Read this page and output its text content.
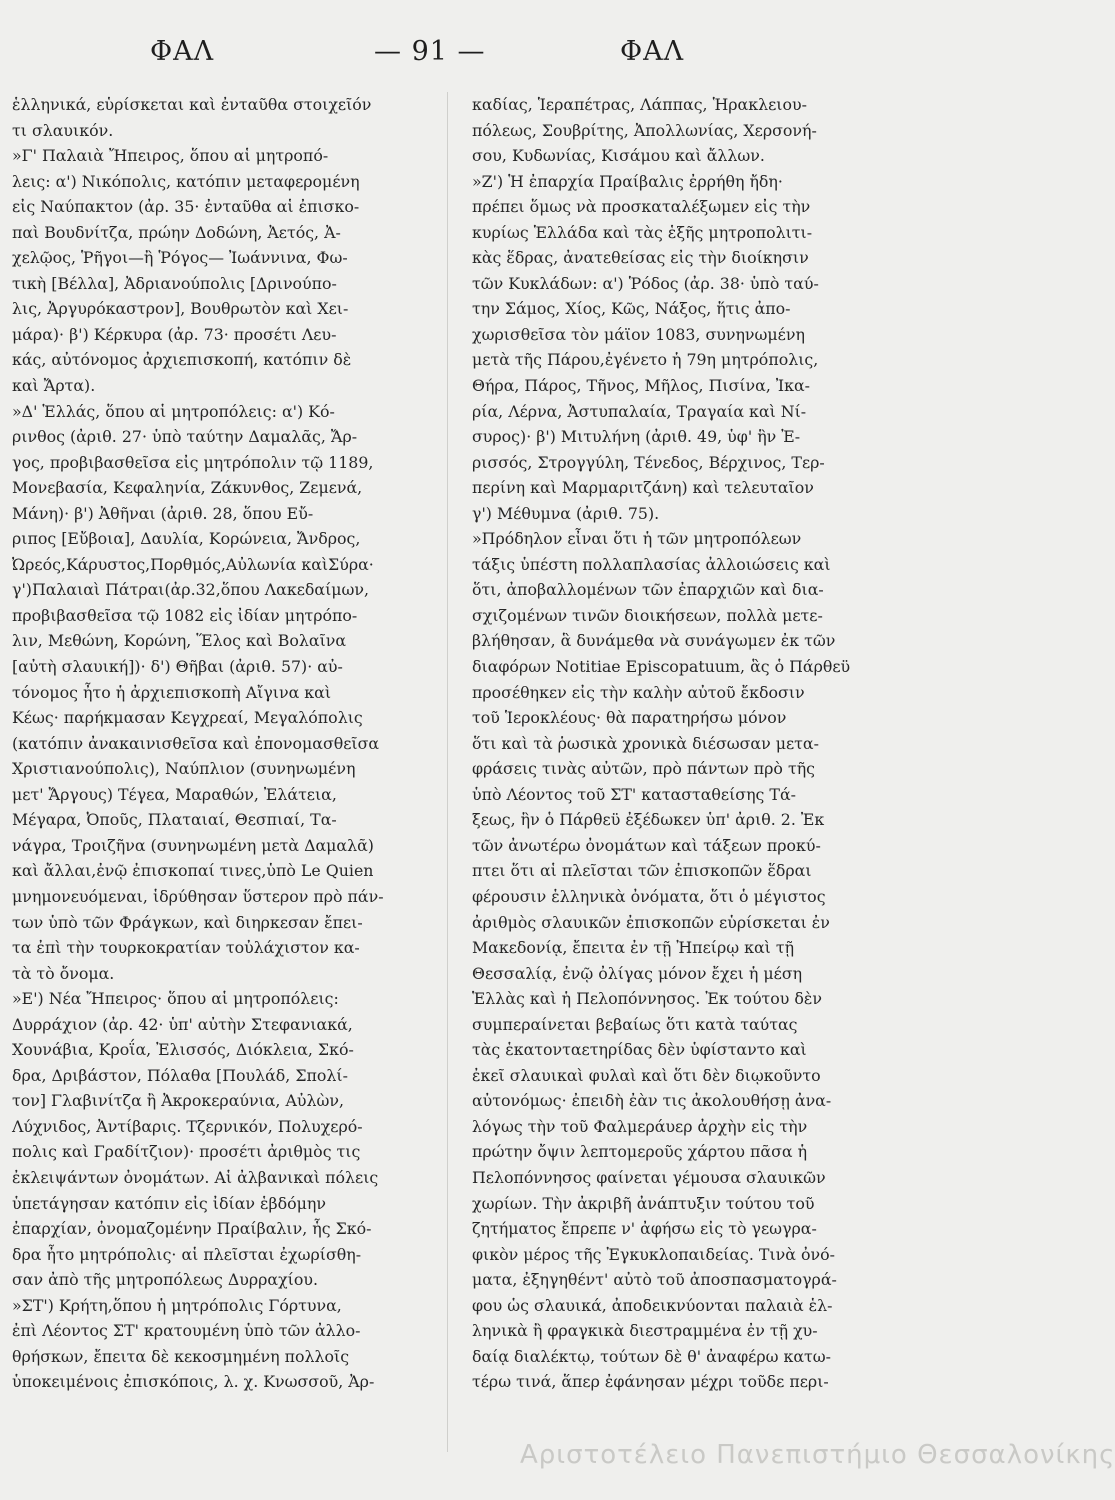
ΦΑΛ	— 91 —	ΦΑΛ
ἑλληνικά, εὑρίσκεται καὶ ἐνταῦθα στοιχεῖόν
τι σλαυικόν.
»Γ' Παλαιὰ Ἤπειρος, ὅπου αἱ μητροπό-
λεις: α') Νικόπολις, κατόπιν μεταφερομένη
εἰς Ναύπακτον (ἀρ. 35· ἐνταῦθα αἱ ἐπισκο-
παὶ Βουδνίτζα, πρώην Δοδώνη, Ἀετός, Ἀ-
χελῷος, Ῥῆγοι—ἢ Ῥόγος— Ἰωάννινα, Φω-
τικὴ [Βέλλα], Ἀδριανούπολις [Δρινούπο-
λις, Ἀργυρόκαστρον], Βουθρωτὸν καὶ Χει-
μάρα)· β') Κέρκυρα (ἀρ. 73· προσέτι Λευ-
κάς, αὐτόνομος ἀρχιεπισκοπή, κατόπιν δὲ
καὶ Ἄρτα).
»Δ' Ἑλλάς, ὅπου αἱ μητροπόλεις: α') Κό-
ρινθος (ἀριθ. 27· ὑπὸ ταύτην Δαμαλᾶς, Ἄρ-
γος, προβιβασθεῖσα εἰς μητρόπολιν τῷ 1189,
Μονεβασία, Κεφαληνία, Ζάκυνθος, Ζεμενά,
Μάνη)· β') Ἀθῆναι (ἀριθ. 28, ὅπου Εὔ-
ριπος [Εὔβοια], Δαυλία, Κορώνεια, Ἄνδρος,
Ὠρεός,Κάρυστος,Πορθμός,Αὐλωνία καὶΣύρα·
γ')Παλαιαὶ Πάτραι(ἀρ.32,ὅπου Λακεδαίμων,
προβιβασθεῖσα τῷ 1082 εἰς ἰδίαν μητρόπο-
λιν, Μεθώνη, Κορώνη, Ἕλος καὶ Βολαῖνα
[αὐτὴ σλαυική])· δ') Θῆβαι (ἀριθ. 57)· αὐ-
τόνομος ἦτο ἡ ἀρχιεπισκοπὴ Αἴγινα καὶ
Κέως· παρήκμασαν Κεγχρεαί, Μεγαλόπολις
(κατόπιν ἀνακαινισθεῖσα καὶ ἐπονομασθεῖσα
Χριστιανούπολις), Ναύπλιον (συνηνωμένη
μετ' Ἄργους) Τέγεα, Μαραθών, Ἐλάτεια,
Μέγαρα, Ὀποῦς, Πλαταιαί, Θεσπιαί, Τα-
νάγρα, Τροιζῆνα (συνηνωμένη μετὰ Δαμαλᾶ)
καὶ ἄλλαι,ἐνῷ ἐπισκοπαί τινες,ὑπὸ Le Quien
μνημονευόμεναι, ἱδρύθησαν ὕστερον πρὸ πάν-
των ὑπὸ τῶν Φράγκων, καὶ διηρκεσαν ἔπει-
τα ἐπὶ τὴν τουρκοκρατίαν τοὐλάχιστον κα-
τὰ τὸ ὄνομα.
»Ε') Νέα Ἤπειρος· ὅπου αἱ μητροπόλεις:
Δυρράχιον (ἀρ. 42· ὑπ' αὐτὴν Στεφανιακά,
Χουνάβια, Κροΐα, Ἐλισσός, Διόκλεια, Σκό-
δρα, Δριβάστον, Πόλαθα [Πουλάδ, Σπολί-
τον] Γλαβινίτζα ἢ Ἀκροκεραύνια, Αὐλὼν,
Λύχνιδος, Ἀντίβαρις. Τζερνικόν, Πολυχερό-
πολις καὶ Γραδίτζιον)· προσέτι ἀριθμὸς τις
ἐκλειψάντων ὀνομάτων. Αἱ ἀλβανικαὶ πόλεις
ὑπετάγησαν κατόπιν εἰς ἰδίαν ἑβδόμην
ἐπαρχίαν, ὀνομαζομένην Πραίβαλιν, ἧς Σκό-
δρα ἦτο μητρόπολις· αἱ πλεῖσται ἐχωρίσθη-
σαν ἀπὸ τῆς μητροπόλεως Δυρραχίου.
»ΣΤ') Κρήτη,ὅπου ἡ μητρόπολις Γόρτυνα,
ἐπὶ Λέοντος ΣΤ' κρατουμένη ὑπὸ τῶν ἀλλο-
θρήσκων, ἔπειτα δὲ κεκοσμημένη πολλοῖς
ὑποκειμένοις ἐπισκόποις, λ. χ. Κνωσσοῦ, Ἀρ-
καδίας, Ἱεραπέτρας, Λάππας, Ἡρακλειου-
πόλεως, Σουβρίτης, Ἀπολλωνίας, Χερσονή-
σου, Κυδωνίας, Κισάμου καὶ ἄλλων.
»Ζ') Ἡ ἐπαρχία Πραίβαλις ἐρρήθη ἤδη·
πρέπει ὅμως νὰ προσκαταλέξωμεν εἰς τὴν
κυρίως Ἑλλάδα καὶ τὰς ἑξῆς μητροπολιτι-
κὰς ἕδρας, ἀνατεθείσας εἰς τὴν διοίκησιν
τῶν Κυκλάδων: α') Ῥόδος (ἀρ. 38· ὑπὸ ταύ-
την Σάμος, Χίος, Κῶς, Νάξος, ἥτις ἀπο-
χωρισθεῖσα τὸν μάϊον 1083, συνηνωμένη
μετὰ τῆς Πάρου,ἐγένετο ἡ 79η μητρόπολις,
Θήρα, Πάρος, Τῆνος, Μῆλος, Πισίνα, Ἰκα-
ρία, Λέρνα, Ἀστυπαλαία, Τραγαία καὶ Νί-
συρος)· β') Μιτυλήνη (ἀριθ. 49, ὑφ' ἣν Ἐ-
ρισσός, Στρογγύλη, Τένεδος, Βέρχινος, Τερ-
περίνη καὶ Μαρμαριτζάνη) καὶ τελευταῖον
γ') Μέθυμνα (ἀριθ. 75).
»Πρόδηλον εἶναι ὅτι ἡ τῶν μητροπόλεων
τάξις ὑπέστη πολλαπλασίας ἀλλοιώσεις καὶ
ὅτι, ἀποβαλλομένων τῶν ἐπαρχιῶν καὶ δια-
σχιζομένων τινῶν διοικήσεων, πολλὰ μετε-
βλήθησαν, ἃ δυνάμεθα νὰ συνάγωμεν ἐκ τῶν
διαφόρων Notitiae Episcopatuum, ἃς ὁ Πάρθεϋ
προσέθηκεν εἰς τὴν καλὴν αὐτοῦ ἔκδοσιν
τοῦ Ἱεροκλέους· θὰ παρατηρήσω μόνον
ὅτι καὶ τὰ ῥωσικὰ χρονικὰ διέσωσαν μετα-
φράσεις τινὰς αὐτῶν, πρὸ πάντων πρὸ τῆς
ὑπὸ Λέοντος τοῦ ΣΤ' κατασταθείσης Τά-
ξεως, ἣν ὁ Πάρθεϋ ἐξέδωκεν ὑπ' ἀριθ. 2. Ἐκ
τῶν ἀνωτέρω ὀνομάτων καὶ τάξεων προκύ-
πτει ὅτι αἱ πλεῖσται τῶν ἐπισκοπῶν ἕδραι
φέρουσιν ἑλληνικὰ ὀνόματα, ὅτι ὁ μέγιστος
ἀριθμὸς σλαυικῶν ἐπισκοπῶν εὑρίσκεται ἐν
Μακεδονίᾳ, ἔπειτα ἐν τῇ Ἠπείρῳ καὶ τῇ
Θεσσαλίᾳ, ἐνῷ ὀλίγας μόνον ἔχει ἡ μέση
Ἑλλὰς καὶ ἡ Πελοπόννησος. Ἐκ τούτου δὲν
συμπεραίνεται βεβαίως ὅτι κατὰ ταύτας
τὰς ἑκατονταετηρίδας δὲν ὑφίσταντο καὶ
ἐκεῖ σλαυικαὶ φυλαὶ καὶ ὅτι δὲν διῳκοῦντο
αὐτονόμως· ἐπειδὴ ἐὰν τις ἀκολουθήσῃ ἀνα-
λόγως τὴν τοῦ Φαλμεράυερ ἀρχὴν εἰς τὴν
πρώτην ὄψιν λεπτομεροῦς χάρτου πᾶσα ἡ
Πελοπόννησος φαίνεται γέμουσα σλαυικῶν
χωρίων. Τὴν ἀκριβῆ ἀνάπτυξιν τούτου τοῦ
ζητήματος ἔπρεπε ν' ἀφήσω εἰς τὸ γεωγρα-
φικὸν μέρος τῆς Ἐγκυκλοπαιδείας. Τινὰ ὀνό-
ματα, ἐξηγηθέντ' αὐτὸ τοῦ ἀποσπασματογρά-
φου ὡς σλαυικά, ἀποδεικνύονται παλαιὰ ἑλ-
ληνικὰ ἢ φραγκικὰ διεστραμμένα ἐν τῇ χυ-
δαίᾳ διαλέκτῳ, τούτων δὲ θ' ἀναφέρω κατω-
τέρω τινά, ἅπερ ἐφάνησαν μέχρι τοῦδε περι-
Αριστοτέλειο Πανεπιστήμιο Θεσσαλονίκης
